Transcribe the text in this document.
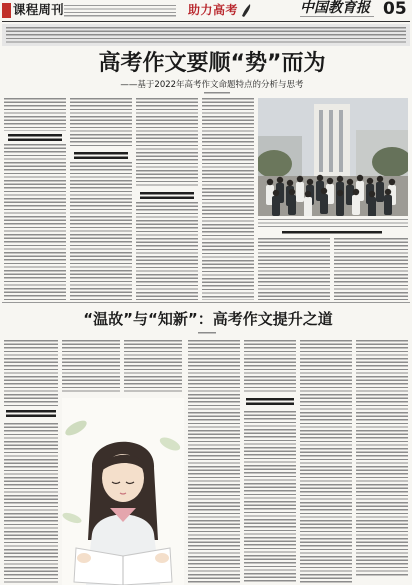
课程周刊	助力高考	中国教育报 05
高考作文要顺“势”而为
——基于2022年高考作文命题特点的分析与思考
“温故”与“知新”：高考作文提升之道
